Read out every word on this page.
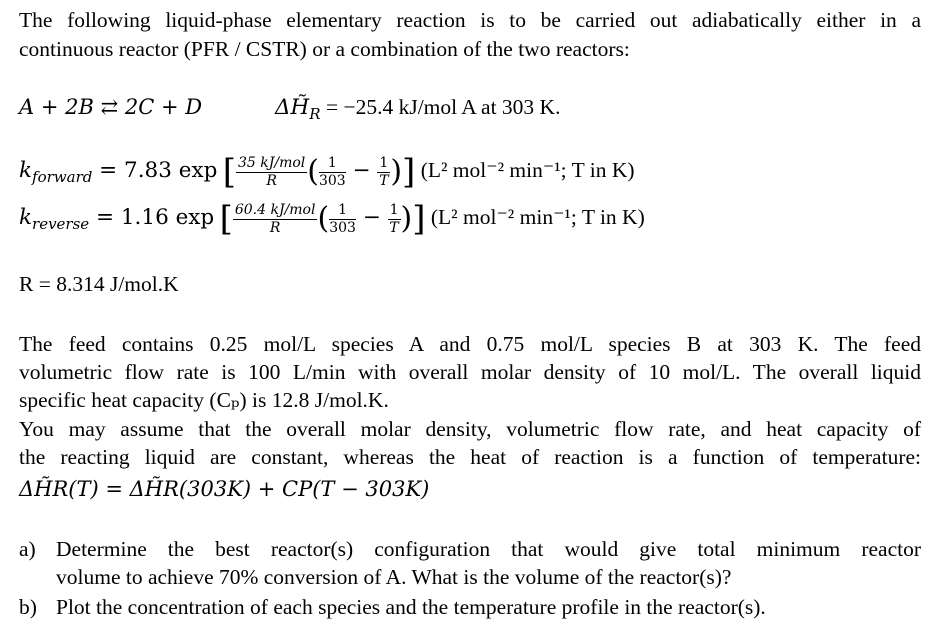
The following liquid-phase elementary reaction is to be carried out adiabatically either in a
continuous reactor (PFR / CSTR) or a combination of the two reactors:
A + 2B ⇄ 2C + D	$\Delta H̃_R = -25.4$ kJ/mol A at 303 K.
$k_{forward} = 7.83$ exp [ $\frac{\text{35 kJ/mol}}{R}$ ( $\frac{1}{303} - \frac{1}{T}$ )] (L² mol⁻² min⁻¹; T in K)
$k_{reverse} = 1.16$ exp [ $\frac{\text{60.4 kJ/mol}}{R}$ ( $\frac{1}{303} - \frac{1}{T}$ )] (L² mol⁻² min⁻¹; T in K)
R = 8.314 J/mol.K
The feed contains 0.25 mol/L species A and 0.75 mol/L species B at 303 K. The feed
volumetric flow rate is 100 L/min with overall molar density of 10 mol/L. The overall liquid
specific heat capacity (Cₚ) is 12.8 J/mol.K.
You may assume that the overall molar density, volumetric flow rate, and heat capacity of
the reacting liquid are constant, whereas the heat of reaction is a function of temperature:
ΔH̃R(T) = ΔH̃R(303K) + CP(T − 303K)
a) Determine the best reactor(s) configuration that would give total minimum reactor
volume to achieve 70% conversion of A. What is the volume of the reactor(s)?
b) Plot the concentration of each species and the temperature profile in the reactor(s).
